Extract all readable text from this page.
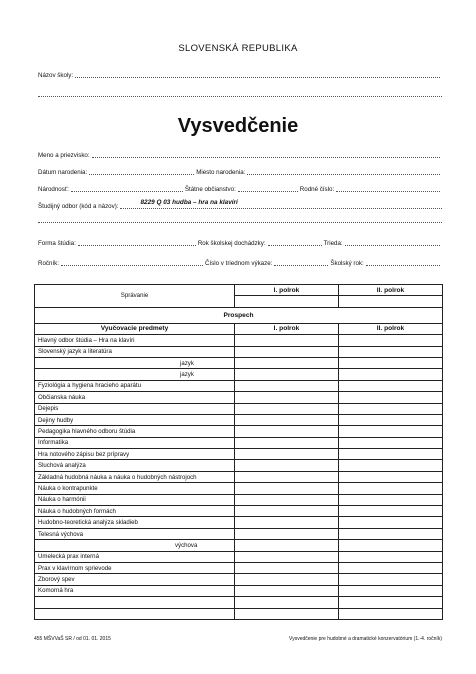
SLOVENSKÁ REPUBLIKA
Názov školy:
Vysvedčenie
Meno a priezvisko:
Dátum narodenia:	Miesto narodenia:
Národnosť:	Štátne občianstvo:	Rodné číslo:
Študijný odbor (kód a názov):
8229 Q 03 hudba – hra na klavíri
Forma štúdia:	Rok školskej dochádzky:	Trieda:
Ročník:	Číslo v triednom výkaze:	Školský rok:
Správanie	I. polrok	II. polrok

Prospech		
Vyučovacie predmety	I. polrok	II. polrok
Hlavný odbor štúdia – Hra na klavíri		
Slovenský jazyk a literatúra		
jazyk		
jazyk		
Fyziológia a hygiena hracieho aparátu		
Občianska náuka		
Dejepis		
Dejiny hudby		
Pedagogika hlavného odboru štúdia		
Informatika		
Hra notového zápisu bez prípravy		
Sluchová analýza		
Základná hudobná náuka a náuka o hudobných nástrojoch		
Náuka o kontrapunkte		
Náuka o harmónii		
Náuka o hudobných formách		
Hudobno-teoretická analýza skladieb		
Telesná výchova		
výchova		
Umelecká prax interná		
Prax v klavírnom sprievode		
Zborový spev		
Komorná hra		

455 MŠVVaŠ SR / od 01. 01. 2015	Vysvedčenie pre hudobné a dramatické konzervatórium (1.-4. ročník)
